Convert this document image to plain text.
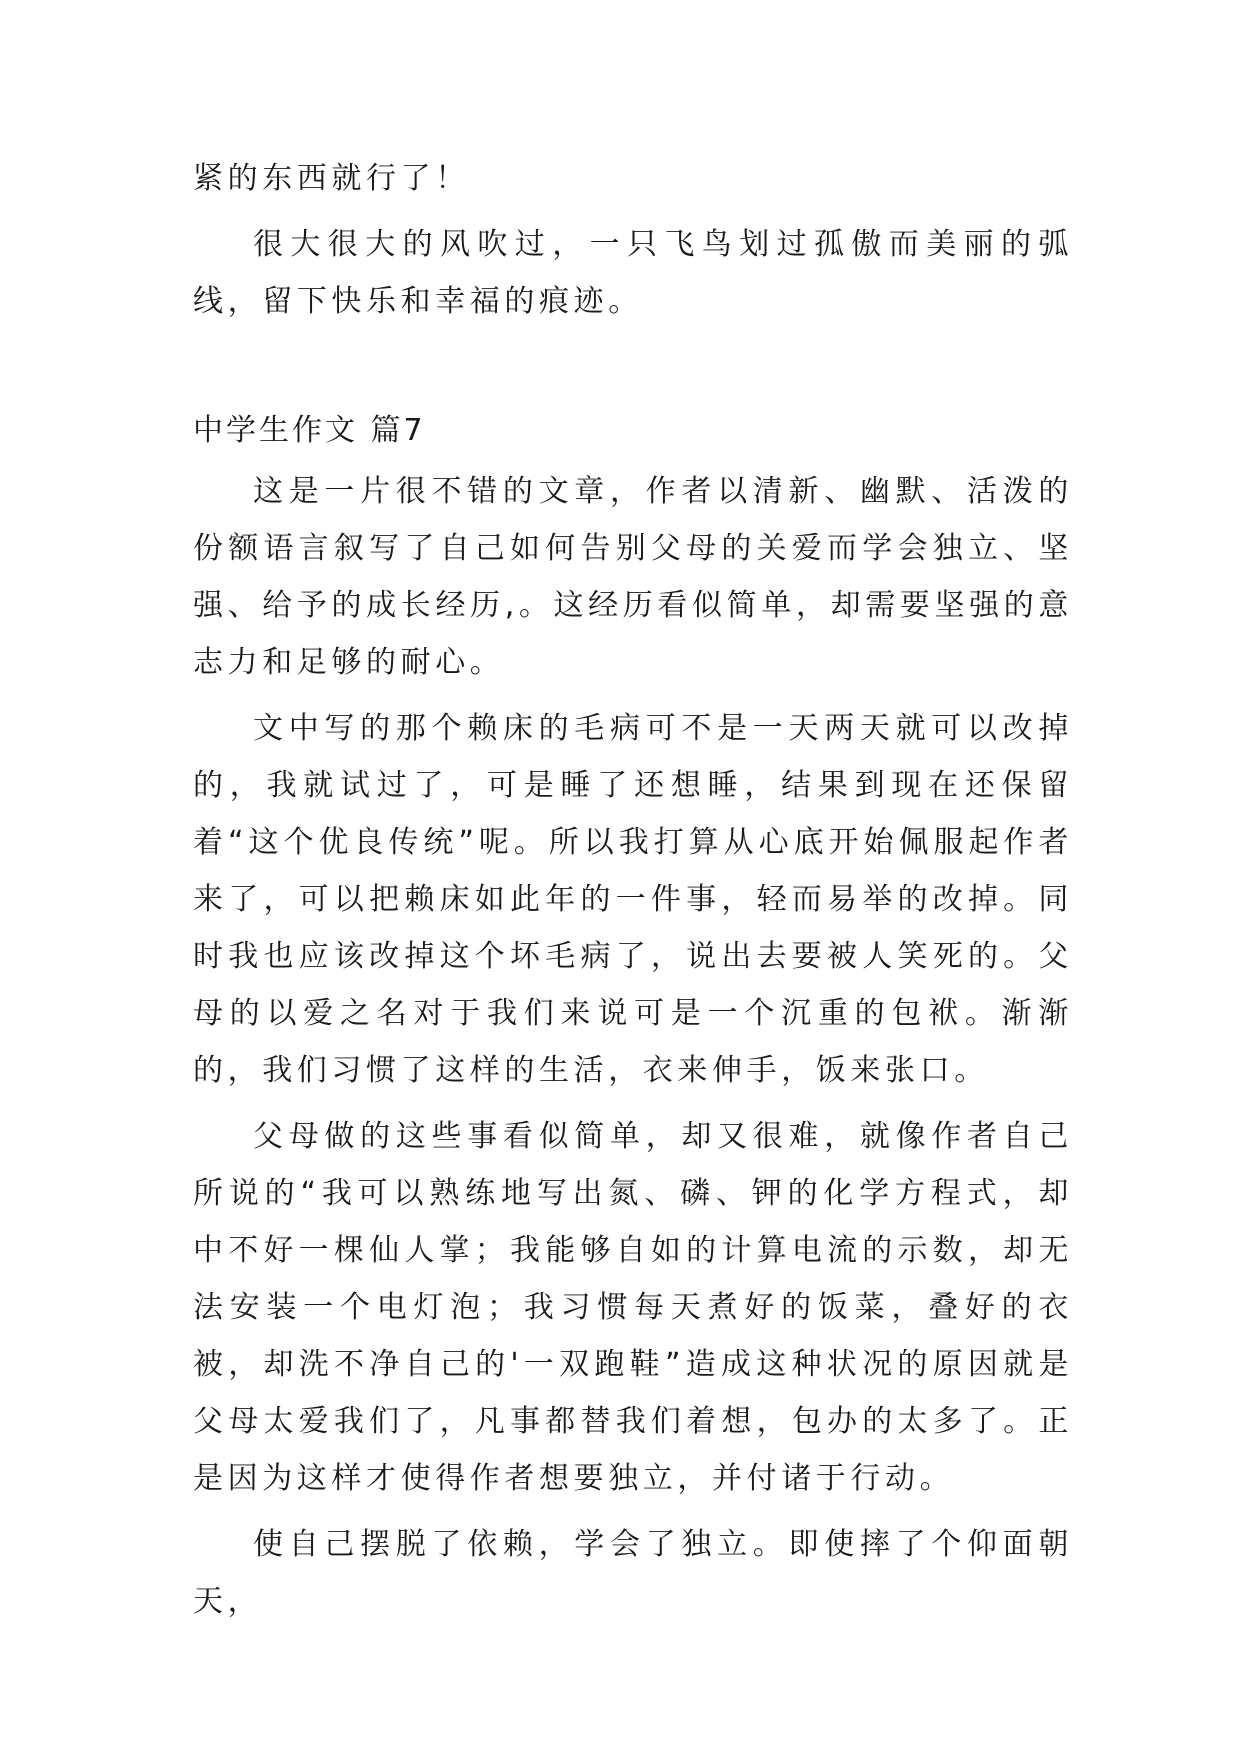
紧的东西就行了！

很大很大的风吹过，一只飞鸟划过孤傲而美丽的弧线，留下快乐和幸福的痕迹。

中学生作文 篇7

这是一片很不错的文章，作者以清新、幽默、活泼的份额语言叙写了自己如何告别父母的关爱而学会独立、坚强、给予的成长经历,。这经历看似简单，却需要坚强的意志力和足够的耐心。

文中写的那个赖床的毛病可不是一天两天就可以改掉的，我就试过了，可是睡了还想睡，结果到现在还保留着“这个优良传统”呢。所以我打算从心底开始佩服起作者来了，可以把赖床如此年的一件事，轻而易举的改掉。同时我也应该改掉这个坏毛病了，说出去要被人笑死的。父母的以爱之名对于我们来说可是一个沉重的包袱。渐渐的，我们习惯了这样的生活，衣来伸手，饭来张口。

父母做的这些事看似简单，却又很难，就像作者自己所说的“我可以熟练地写出氮、磷、钾的化学方程式，却中不好一棵仙人掌；我能够自如的计算电流的示数，却无法安装一个电灯泡；我习惯每天煮好的饭菜，叠好的衣被，却洗不净自己的'一双跑鞋”造成这种状况的原因就是父母太爱我们了，凡事都替我们着想，包办的太多了。正是因为这样才使得作者想要独立，并付诸于行动。

使自己摆脱了依赖，学会了独立。即使摔了个仰面朝天，
